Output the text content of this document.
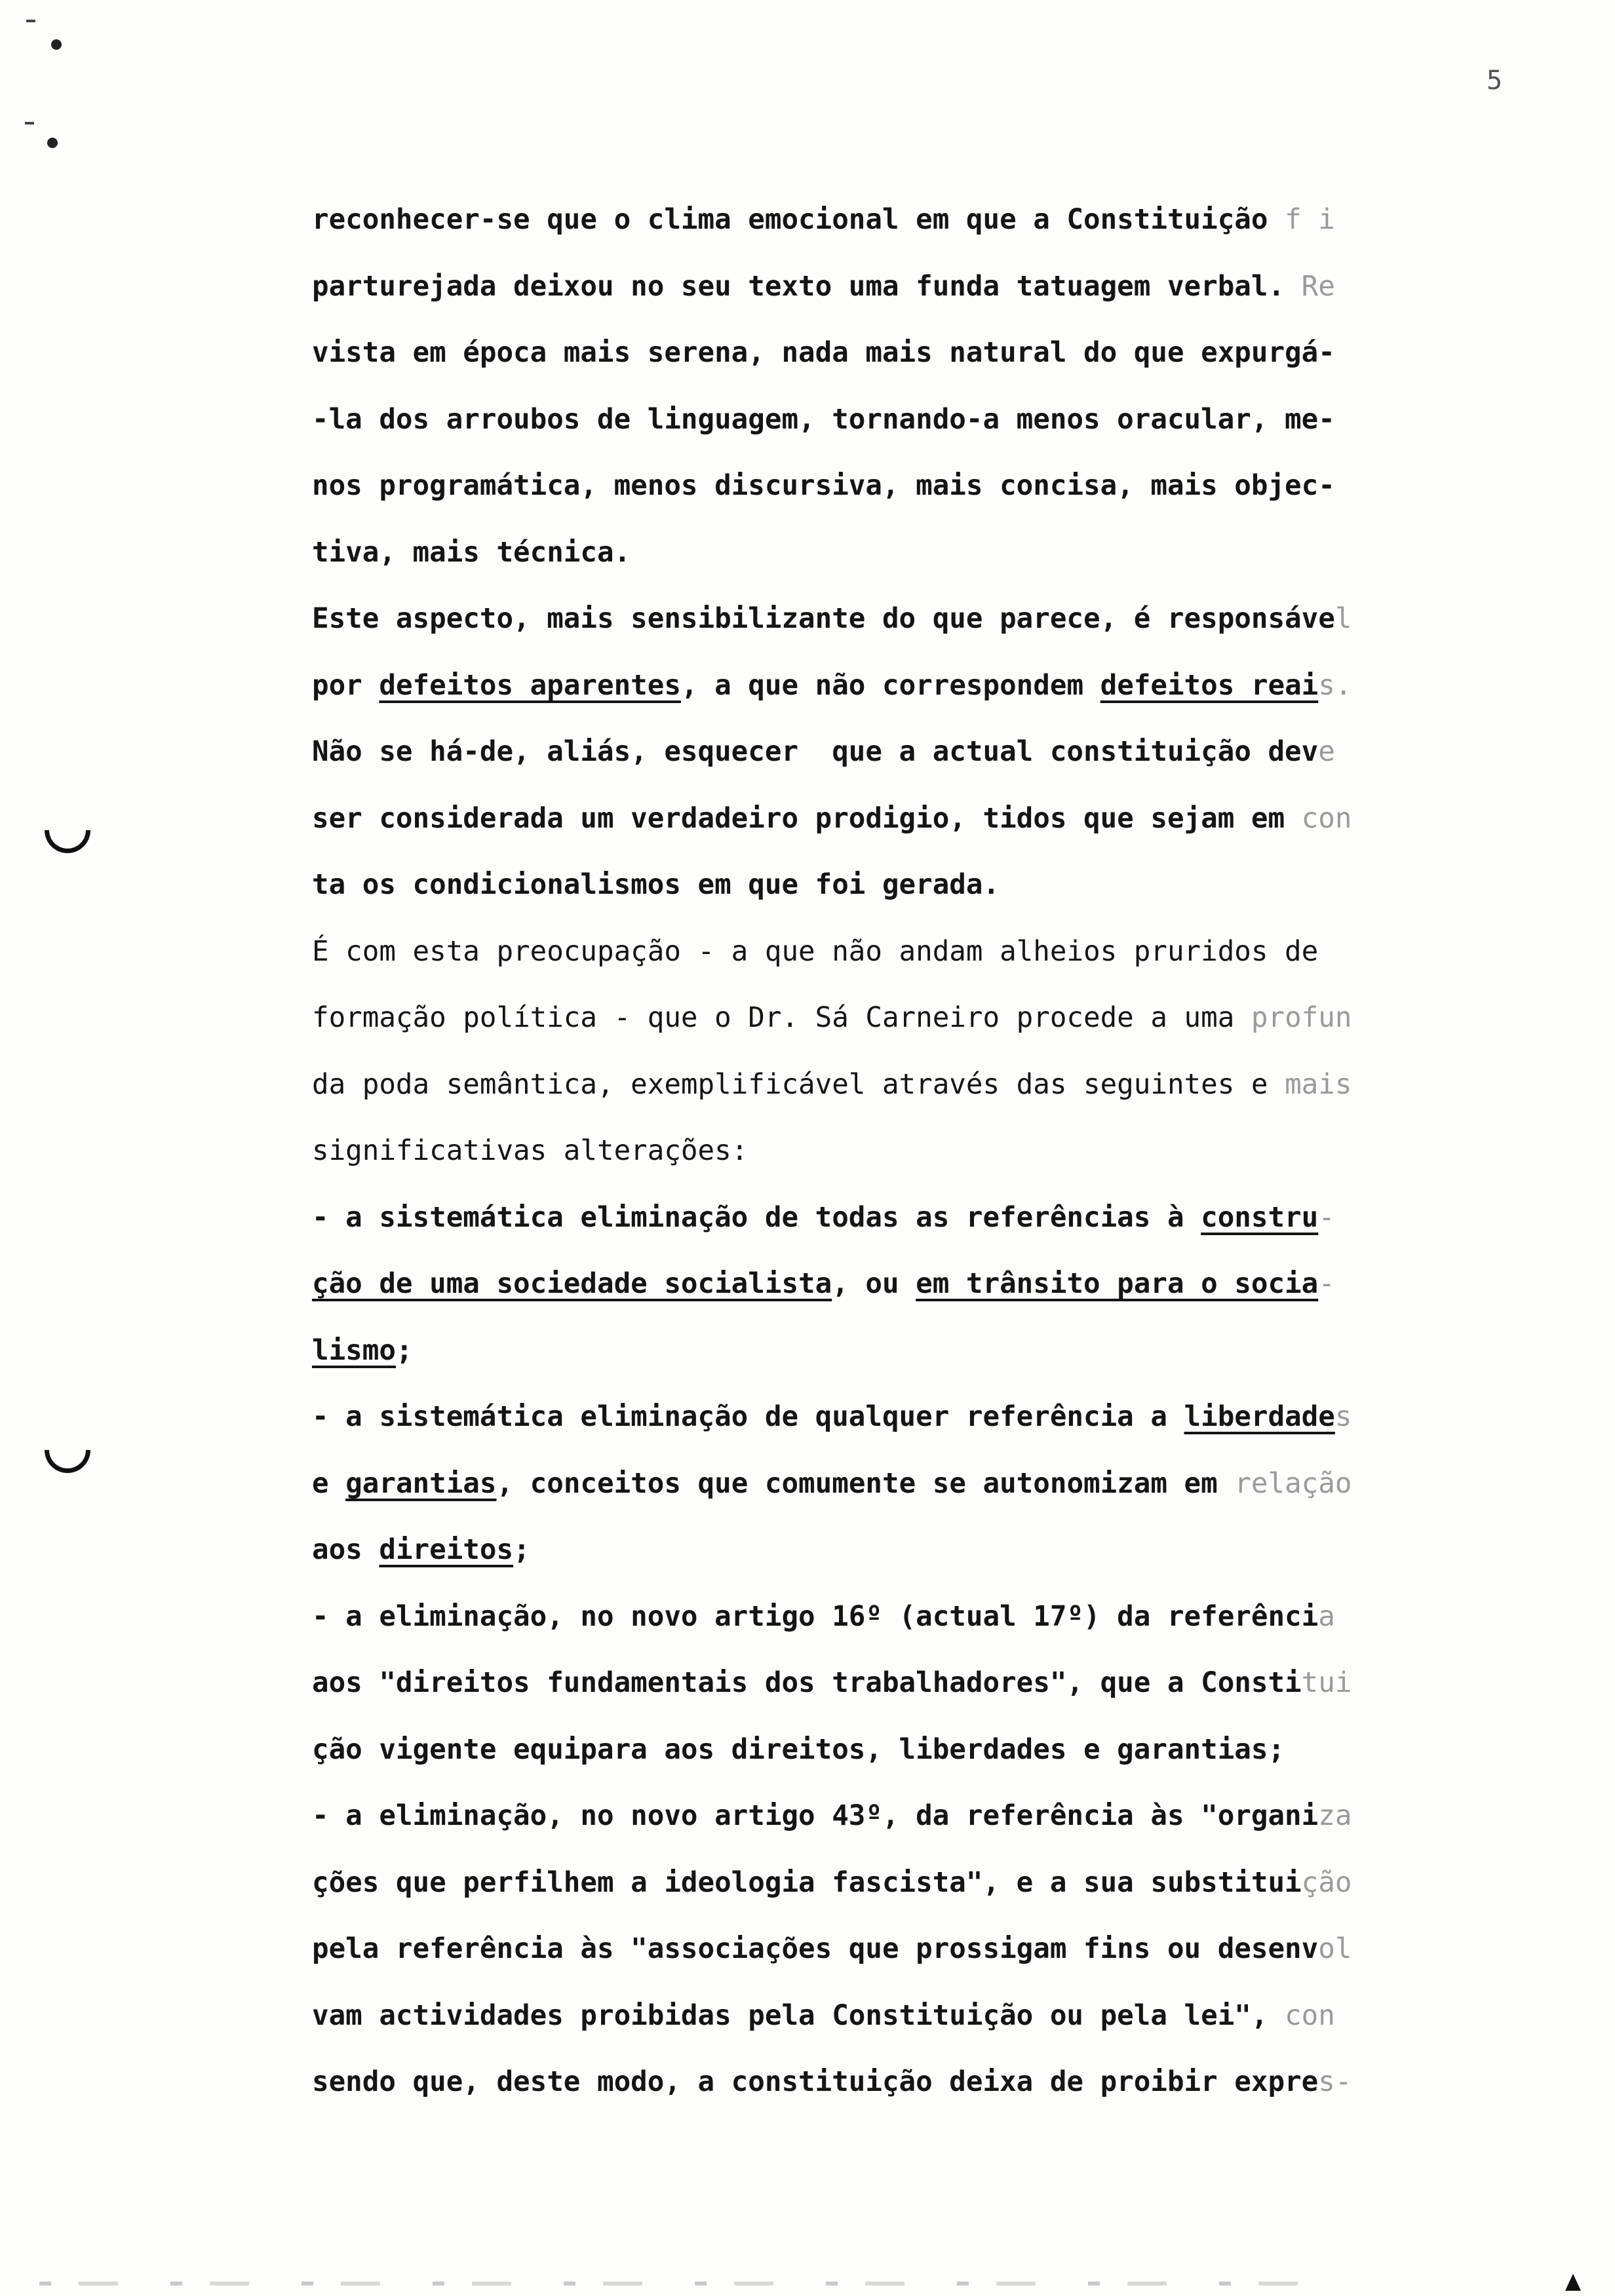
5
reconhecer-se que o clima emocional em que a Constituição f i
parturejada deixou no seu texto uma funda tatuagem verbal. Re
vista em época mais serena, nada mais natural do que expurgá-
-la dos arroubos de linguagem, tornando-a menos oracular, me-
nos programática, menos discursiva, mais concisa, mais objec-
tiva, mais técnica.
Este aspecto, mais sensibilizante do que parece, é responsável
por defeitos aparentes, a que não correspondem defeitos reais.
Não se há-de, aliás, esquecer  que a actual constituição deve
ser considerada um verdadeiro prodigio, tidos que sejam em con
ta os condicionalismos em que foi gerada.
É com esta preocupação - a que não andam alheios pruridos de
formação política - que o Dr. Sá Carneiro procede a uma profun
da poda semântica, exemplificável através das seguintes e mais
significativas alterações:
- a sistemática eliminação de todas as referências à constru-
ção de uma sociedade socialista, ou em trânsito para o socia-
lismo;
- a sistemática eliminação de qualquer referência a liberdades
e garantias, conceitos que comumente se autonomizam em relação
aos direitos;
- a eliminação, no novo artigo 16º (actual 17º) da referência
aos "direitos fundamentais dos trabalhadores", que a Constitui
ção vigente equipara aos direitos, liberdades e garantias;
- a eliminação, no novo artigo 43º, da referência às "organiza
ções que perfilhem a ideologia fascista", e a sua substituição
pela referência às "associações que prossigam fins ou desenvol
vam actividades proibidas pela Constituição ou pela lei", con
sendo que, deste modo, a constituição deixa de proibir expres-
